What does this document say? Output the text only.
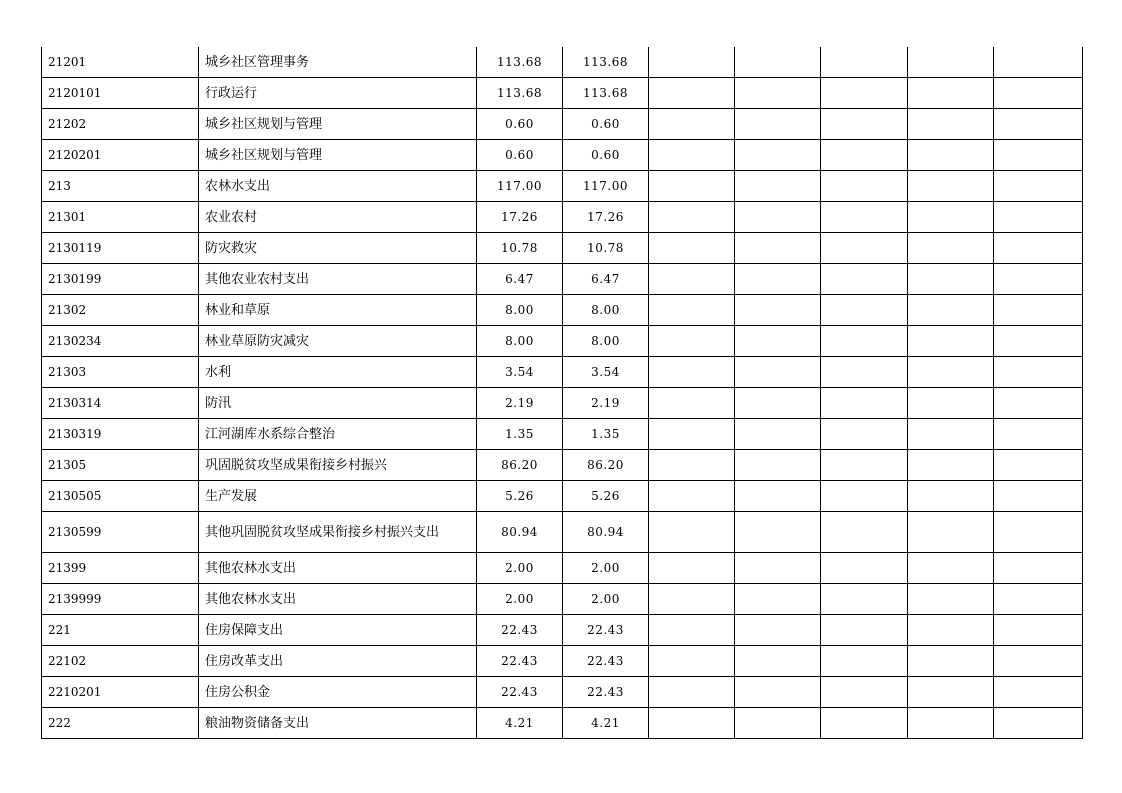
21201	城乡社区管理事务	113.68	113.68					
2120101	行政运行	113.68	113.68					
21202	城乡社区规划与管理	0.60	0.60					
2120201	城乡社区规划与管理	0.60	0.60					
213	农林水支出	117.00	117.00					
21301	农业农村	17.26	17.26					
2130119	防灾救灾	10.78	10.78					
2130199	其他农业农村支出	6.47	6.47					
21302	林业和草原	8.00	8.00					
2130234	林业草原防灾减灾	8.00	8.00					
21303	水利	3.54	3.54					
2130314	防汛	2.19	2.19					
2130319	江河湖库水系综合整治	1.35	1.35					
21305	巩固脱贫攻坚成果衔接乡村振兴	86.20	86.20					
2130505	生产发展	5.26	5.26					
2130599	其他巩固脱贫攻坚成果衔接乡村振兴支出	80.94	80.94					
21399	其他农林水支出	2.00	2.00					
2139999	其他农林水支出	2.00	2.00					
221	住房保障支出	22.43	22.43					
22102	住房改革支出	22.43	22.43					
2210201	住房公积金	22.43	22.43					
222	粮油物资储备支出	4.21	4.21					
